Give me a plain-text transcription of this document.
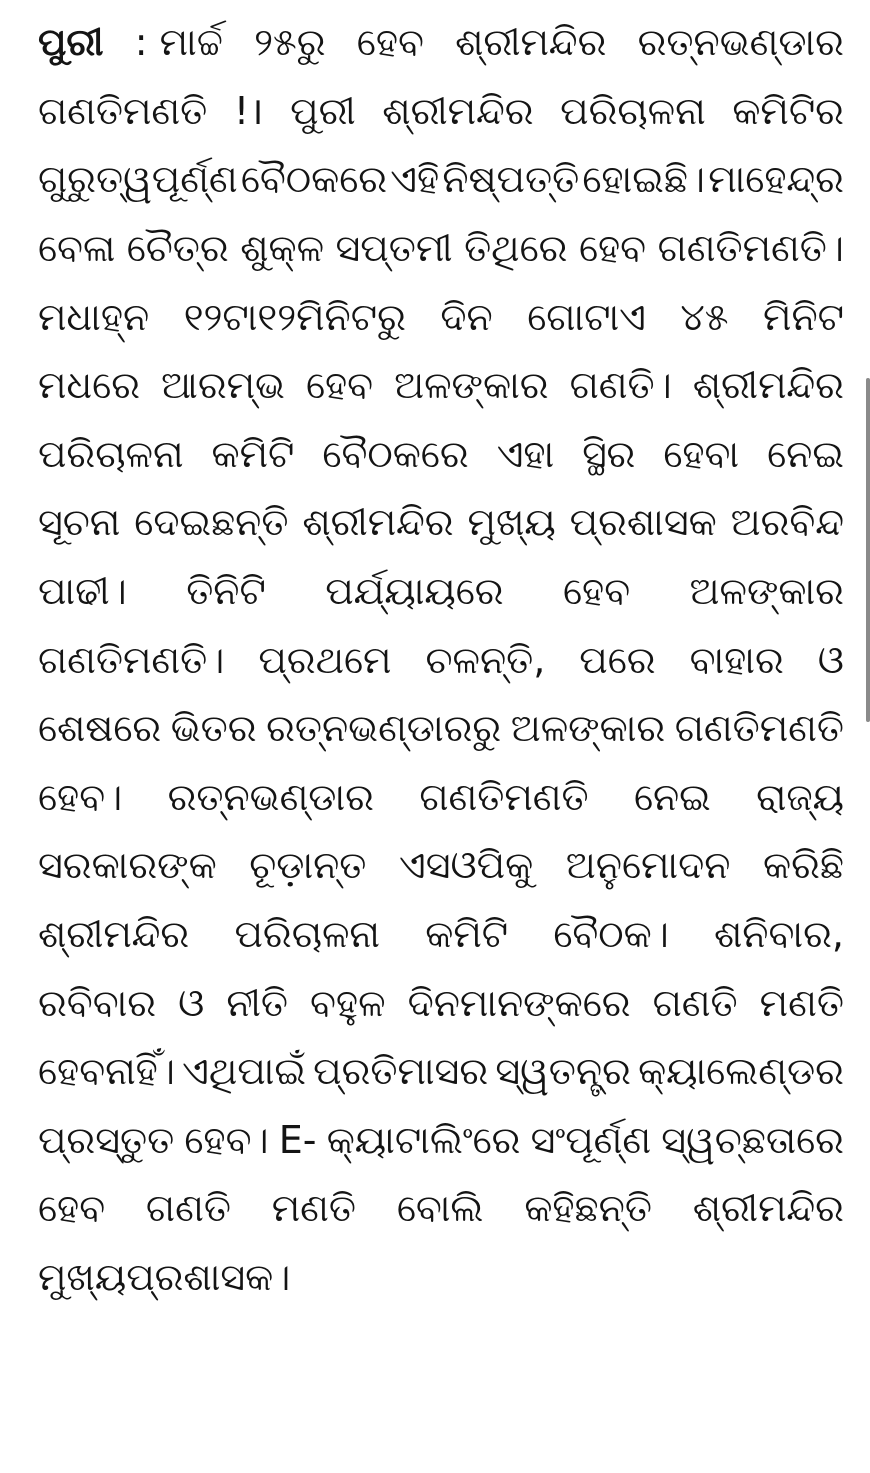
ପୁରୀ : ମାର୍ଚ୍ଚ ୨୫ରୁ ହେବ ଶ୍ରୀମନ୍ଦିର ରତ୍ନଭଣ୍ଡାର
ଗଣତିମଣତି !। ପୁରୀ ଶ୍ରୀମନ୍ଦିର ପରିଚାଳନା କମିଟିର
ଗୁରୁତ୍ୱପୂର୍ଣ୍ଣ ବୈଠକରେ ଏହି ନିଷ୍ପତ୍ତି ହୋଇଛି। ମାହେନ୍ଦ୍ର
ବେଳା ଚୈତ୍ର ଶୁକ୍ଳ ସପ୍ତମୀ ତିଥିରେ ହେବ ଗଣତିମଣତି।
ମଧାହ୍ନ ୧୨ଟା୧୨ମିନିଟରୁ ଦିନ ଗୋଟାଏ ୪୫ ମିନିଟ
ମଧରେ ଆରମ୍ଭ ହେବ ଅଳଙ୍କାର ଗଣତି। ଶ୍ରୀମନ୍ଦିର
ପରିଚାଳନା କମିଟି ବୈଠକରେ ଏହା ସ୍ଥିର ହେବା ନେଇ
ସୂଚନା ଦେଇଛନ୍ତି ଶ୍ରୀମନ୍ଦିର ମୁଖ୍ୟ ପ୍ରଶାସକ ଅରବିନ୍ଦ
ପାଢୀ। ତିନିଟି ପର୍ଯ୍ୟାୟରେ ହେବ ଅଳଙ୍କାର
ଗଣତିମଣତି। ପ୍ରଥମେ ଚଳନ୍ତି, ପରେ ବାହାର ଓ
ଶେଷରେ ଭିତର ରତ୍ନଭଣ୍ଡାରରୁ ଅଳଙ୍କାର ଗଣତିମଣତି
ହେବ। ରତ୍ନଭଣ୍ଡାର ଗଣତିମଣତି ନେଇ ରାଜ୍ୟ
ସରକାରଙ୍କ ଚୂଡ଼ାନ୍ତ ଏସଓପିକୁ ଅନୁମୋଦନ କରିଛି
ଶ୍ରୀମନ୍ଦିର ପରିଚାଳନା କମିଟି ବୈଠକ। ଶନିବାର,
ରବିବାର ଓ ନୀତି ବହୁଳ ଦିନମାନଙ୍କରେ ଗଣତି ମଣତି
ହେବନାହିଁ। ଏଥିପାଇଁ ପ୍ରତିମାସର ସ୍ୱତନ୍ତ୍ର କ୍ୟାଲେଣ୍ଡର
ପ୍ରସ୍ତୁତ ହେବ। E- କ୍ୟାଟାଲିଂରେ ସଂପୂର୍ଣ୍ଣ ସ୍ୱଚ୍ଛତାରେ
ହେବ ଗଣତି ମଣତି ବୋଲି କହିଛନ୍ତି ଶ୍ରୀମନ୍ଦିର
ମୁଖ୍ୟପ୍ରଶାସକ।
